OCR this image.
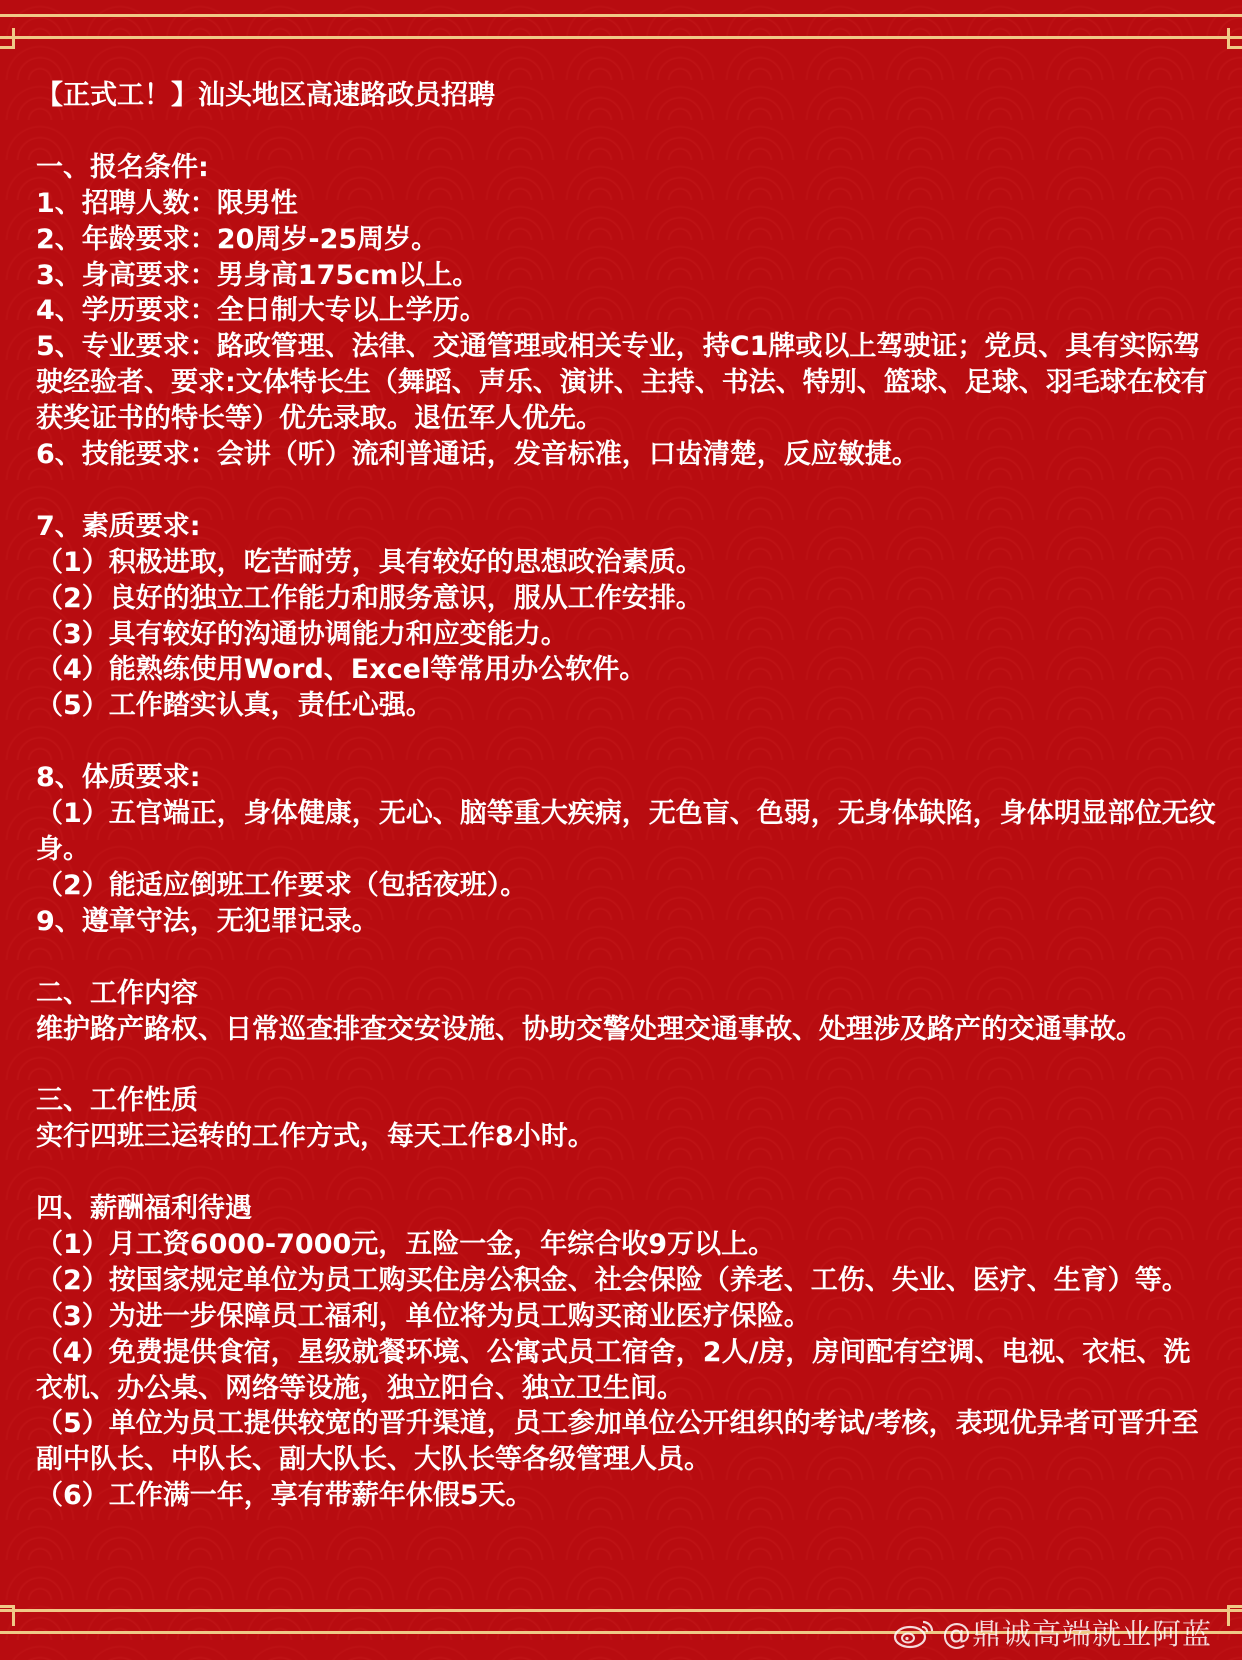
【正式工！】汕头地区高速路政员招聘

一、报名条件:

1、招聘人数：限男性

2、年龄要求：20周岁-25周岁。

3、身高要求：男身高175cm以上。

4、学历要求：全日制大专以上学历。

5、专业要求：路政管理、法律、交通管理或相关专业，持C1牌或以上驾驶证；党员、具有实际驾驶经验者、要求:文体特长生（舞蹈、声乐、演讲、主持、书法、特别、篮球、足球、羽毛球在校有获奖证书的特长等）优先录取。退伍军人优先。

6、技能要求：会讲（听）流利普通话，发音标准，口齿清楚，反应敏捷。

7、素质要求:

（1）积极进取，吃苦耐劳，具有较好的思想政治素质。

（2）良好的独立工作能力和服务意识，服从工作安排。

（3）具有较好的沟通协调能力和应变能力。

（4）能熟练使用Word、Excel等常用办公软件。

（5）工作踏实认真，责任心强。

8、体质要求:

（1）五官端正，身体健康，无心、脑等重大疾病，无色盲、色弱，无身体缺陷，身体明显部位无纹身。

（2）能适应倒班工作要求（包括夜班）。

9、遵章守法，无犯罪记录。

二、工作内容

维护路产路权、日常巡查排查交安设施、协助交警处理交通事故、处理涉及路产的交通事故。

三、工作性质

实行四班三运转的工作方式，每天工作8小时。

四、薪酬福利待遇

（1）月工资6000-7000元，五险一金，年综合收9万以上。

（2）按国家规定单位为员工购买住房公积金、社会保险（养老、工伤、失业、医疗、生育）等。

（3）为进一步保障员工福利，单位将为员工购买商业医疗保险。

（4）免费提供食宿，星级就餐环境、公寓式员工宿舍，2人/房，房间配有空调、电视、衣柜、洗衣机、办公桌、网络等设施，独立阳台、独立卫生间。

（5）单位为员工提供较宽的晋升渠道，员工参加单位公开组织的考试/考核，表现优异者可晋升至副中队长、中队长、副大队长、大队长等各级管理人员。

（6）工作满一年，享有带薪年休假5天。

@鼎诚高端就业阿蓝
